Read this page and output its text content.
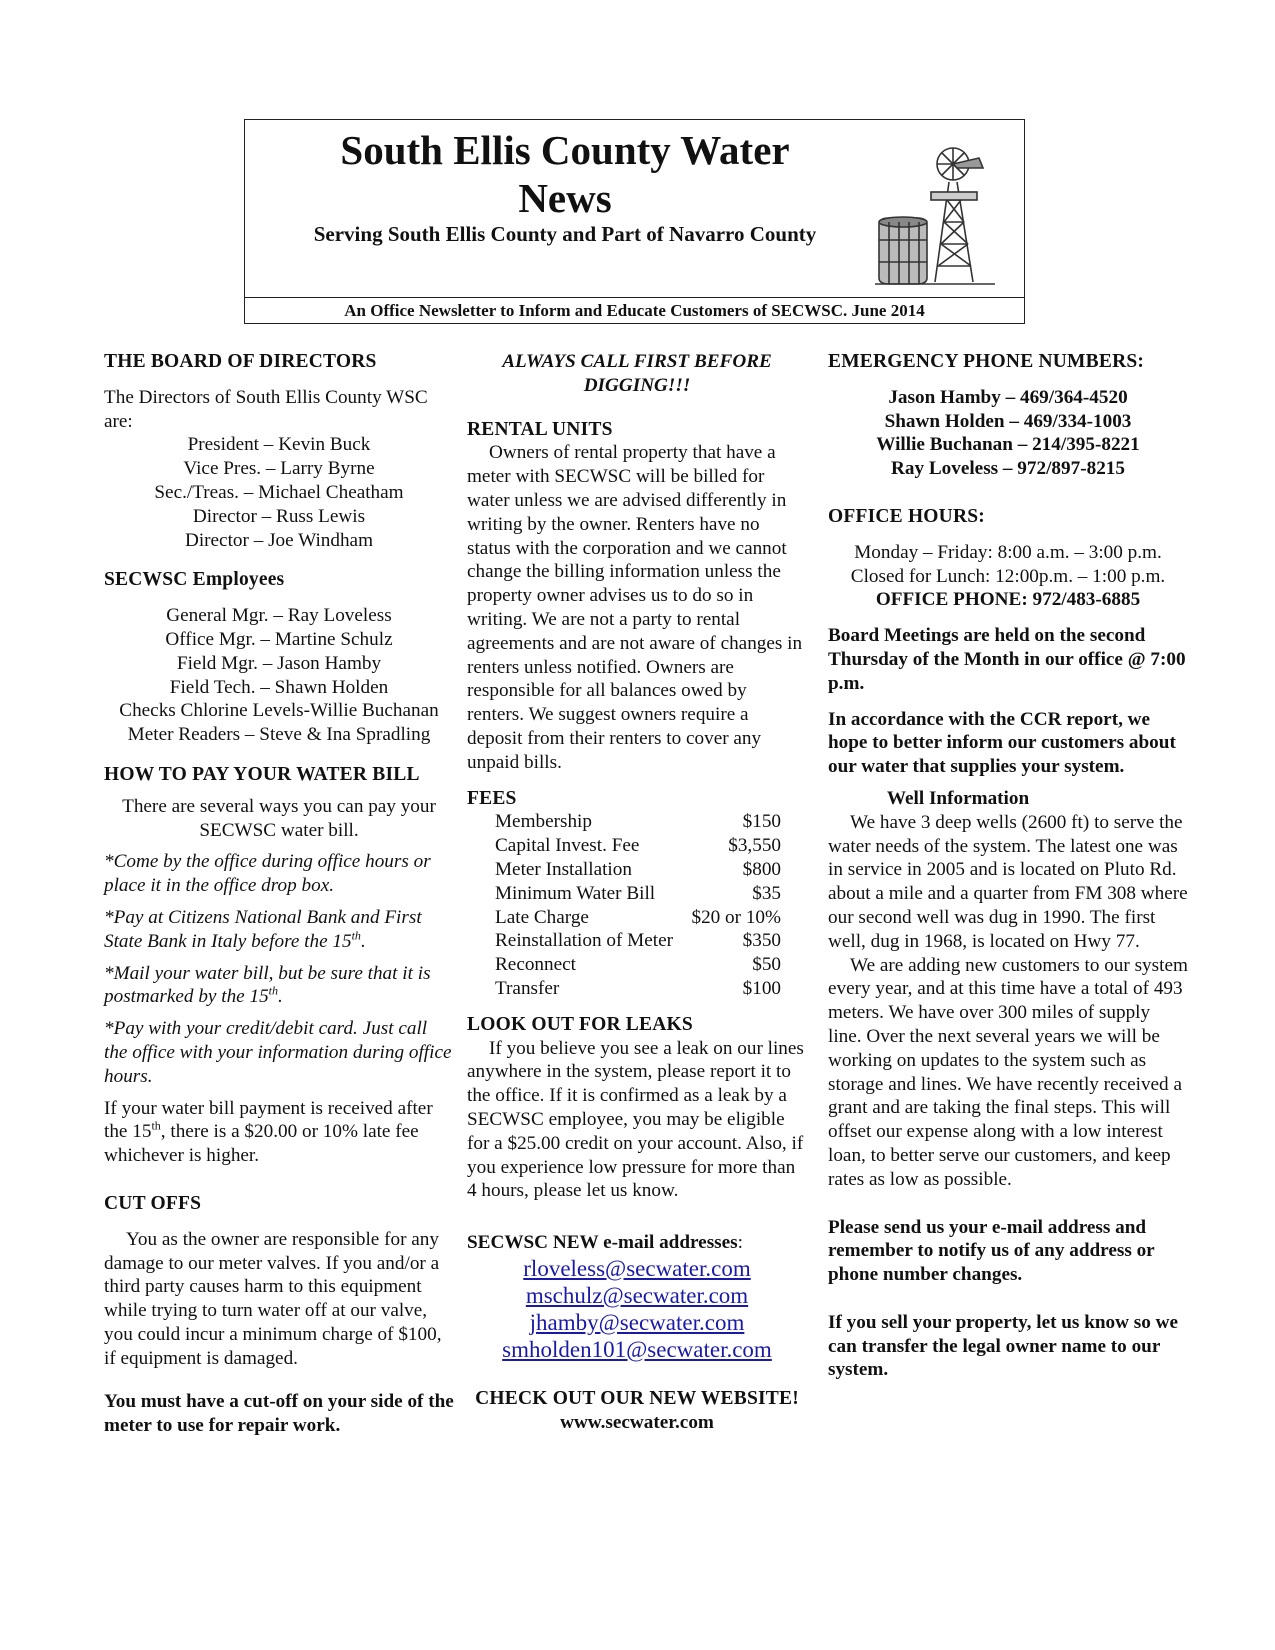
South Ellis County Water
News
Serving South Ellis County and Part of Navarro County
An Office Newsletter to Inform and Educate Customers of SECWSC. June 2014
THE BOARD OF DIRECTORS
The Directors of South Ellis County WSC are:
President – Kevin Buck
Vice Pres. – Larry Byrne
Sec./Treas. – Michael Cheatham
Director – Russ Lewis
Director – Joe Windham
SECWSC Employees
General Mgr. – Ray Loveless
Office Mgr. – Martine Schulz
Field Mgr. – Jason Hamby
Field Tech. – Shawn Holden
Checks Chlorine Levels-Willie Buchanan
Meter Readers – Steve & Ina Spradling
HOW TO PAY YOUR WATER BILL
There are several ways you can pay your SECWSC water bill.
*Come by the office during office hours or place it in the office drop box.
*Pay at Citizens National Bank and First State Bank in Italy before the 15th.
*Mail your water bill, but be sure that it is postmarked by the 15th.
*Pay with your credit/debit card. Just call the office with your information during office hours.
If your water bill payment is received after the 15th, there is a $20.00 or 10% late fee whichever is higher.
CUT OFFS
You as the owner are responsible for any damage to our meter valves. If you and/or a third party causes harm to this equipment while trying to turn water off at our valve, you could incur a minimum charge of $100, if equipment is damaged.
You must have a cut-off on your side of the meter to use for repair work.
ALWAYS CALL FIRST BEFORE DIGGING!!!
RENTAL UNITS
Owners of rental property that have a meter with SECWSC will be billed for water unless we are advised differently in writing by the owner. Renters have no status with the corporation and we cannot change the billing information unless the property owner advises us to do so in writing. We are not a party to rental agreements and are not aware of changes in renters unless notified. Owners are responsible for all balances owed by renters. We suggest owners require a deposit from their renters to cover any unpaid bills.
FEES
Membership	$150
Capital Invest. Fee	$3,550
Meter Installation	$800
Minimum Water Bill	$35
Late Charge	$20 or 10%
Reinstallation of Meter	$350
Reconnect	$50
Transfer	$100
LOOK OUT FOR LEAKS
If you believe you see a leak on our lines anywhere in the system, please report it to the office. If it is confirmed as a leak by a SECWSC employee, you may be eligible for a $25.00 credit on your account. Also, if you experience low pressure for more than 4 hours, please let us know.
SECWSC NEW e-mail addresses:
rloveless@secwater.com
mschulz@secwater.com
jhamby@secwater.com
smholden101@secwater.com
CHECK OUT OUR NEW WEBSITE!
www.secwater.com
EMERGENCY PHONE NUMBERS:
Jason Hamby – 469/364-4520
Shawn Holden – 469/334-1003
Willie Buchanan – 214/395-8221
Ray Loveless – 972/897-8215
OFFICE HOURS:
Monday – Friday: 8:00 a.m. – 3:00 p.m.
Closed for Lunch: 12:00p.m. – 1:00 p.m.
OFFICE PHONE: 972/483-6885
Board Meetings are held on the second Thursday of the Month in our office @ 7:00 p.m.
In accordance with the CCR report, we hope to better inform our customers about our water that supplies your system.
Well Information
We have 3 deep wells (2600 ft) to serve the water needs of the system. The latest one was in service in 2005 and is located on Pluto Rd. about a mile and a quarter from FM 308 where our second well was dug in 1990. The first well, dug in 1968, is located on Hwy 77.
We are adding new customers to our system every year, and at this time have a total of 493 meters. We have over 300 miles of supply line. Over the next several years we will be working on updates to the system such as storage and lines. We have recently received a grant and are taking the final steps. This will offset our expense along with a low interest loan, to better serve our customers, and keep rates as low as possible.
Please send us your e-mail address and remember to notify us of any address or phone number changes.
If you sell your property, let us know so we can transfer the legal owner name to our system.
